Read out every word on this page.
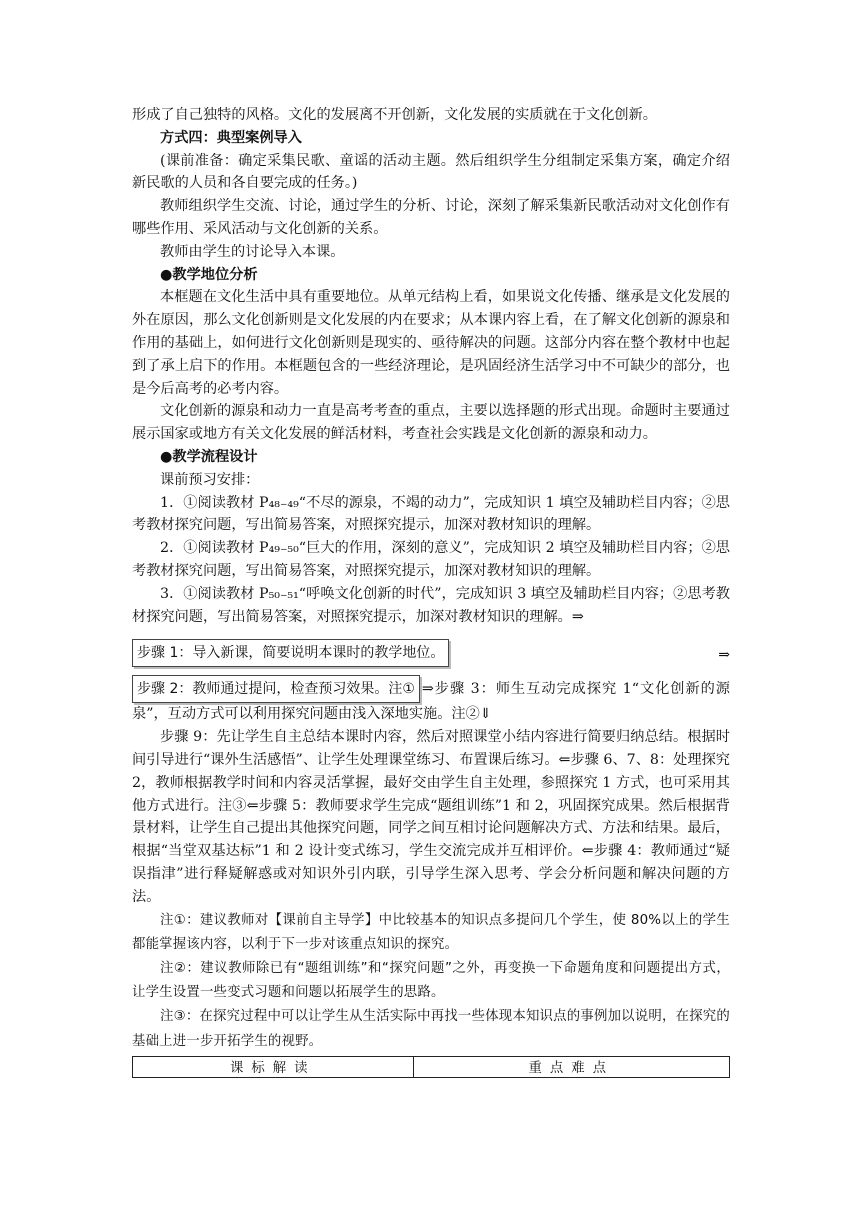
形成了自己独特的风格。文化的发展离不开创新，文化发展的实质就在于文化创新。

方式四：典型案例导入

(课前准备：确定采集民歌、童谣的活动主题。然后组织学生分组制定采集方案，确定介绍新民歌的人员和各自要完成的任务。)

教师组织学生交流、讨论，通过学生的分析、讨论，深刻了解采集新民歌活动对文化创作有哪些作用、采风活动与文化创新的关系。

教师由学生的讨论导入本课。

●教学地位分析

本框题在文化生活中具有重要地位。从单元结构上看，如果说文化传播、继承是文化发展的外在原因，那么文化创新则是文化发展的内在要求；从本课内容上看，在了解文化创新的源泉和作用的基础上，如何进行文化创新则是现实的、亟待解决的问题。这部分内容在整个教材中也起到了承上启下的作用。本框题包含的一些经济理论，是巩固经济生活学习中不可缺少的部分，也是今后高考的必考内容。

文化创新的源泉和动力一直是高考考查的重点，主要以选择题的形式出现。命题时主要通过展示国家或地方有关文化发展的鲜活材料，考查社会实践是文化创新的源泉和动力。

●教学流程设计

课前预习安排：

1．①阅读教材 P₄₈₋₄₉“不尽的源泉，不竭的动力”，完成知识 1 填空及辅助栏目内容；②思考教材探究问题，写出简易答案，对照探究提示，加深对教材知识的理解。

2．①阅读教材 P₄₉₋₅₀“巨大的作用，深刻的意义”，完成知识 2 填空及辅助栏目内容；②思考教材探究问题，写出简易答案，对照探究提示，加深对教材知识的理解。

3．①阅读教材 P₅₀₋₅₁“呼唤文化创新的时代”，完成知识 3 填空及辅助栏目内容；②思考教材探究问题，写出简易答案，对照探究提示，加深对教材知识的理解。⇒

步骤 1：导入新课，简要说明本课时的教学地位。	⇒

步骤 2：教师通过提问，检查预习效果。注① ⇒步骤 3：师生互动完成探究 1“文化创新的源泉”，互动方式可以利用探究问题由浅入深地实施。注②⇓

步骤 9：先让学生自主总结本课时内容，然后对照课堂小结内容进行简要归纳总结。根据时间引导进行“课外生活感悟”、让学生处理课堂练习、布置课后练习。⇐步骤 6、7、8：处理探究 2，教师根据教学时间和内容灵活掌握，最好交由学生自主处理，参照探究 1 方式，也可采用其他方式进行。注③⇐步骤 5：教师要求学生完成“题组训练”1 和 2，巩固探究成果。然后根据背景材料，让学生自己提出其他探究问题，同学之间互相讨论问题解决方式、方法和结果。最后，根据“当堂双基达标”1 和 2 设计变式练习，学生交流完成并互相评价。⇐步骤 4：教师通过“疑误指津”进行释疑解惑或对知识外引内联，引导学生深入思考、学会分析问题和解决问题的方法。

注①：建议教师对【课前自主导学】中比较基本的知识点多提问几个学生，使 80%以上的学生都能掌握该内容，以利于下一步对该重点知识的探究。

注②：建议教师除已有“题组训练”和“探究问题”之外，再变换一下命题角度和问题提出方式，让学生设置一些变式习题和问题以拓展学生的思路。

注③：在探究过程中可以让学生从生活实际中再找一些体现本知识点的事例加以说明，在探究的基础上进一步开拓学生的视野。

课标解读	重点难点
